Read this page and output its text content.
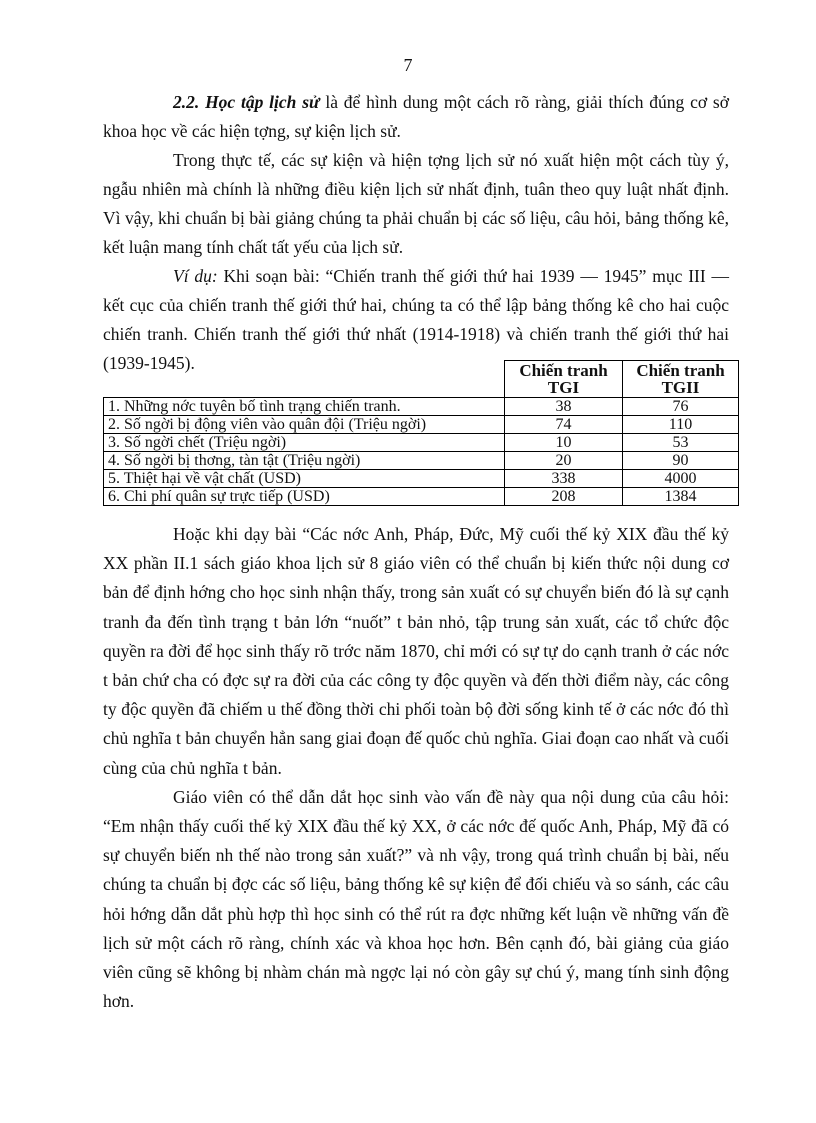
7

2.2. Học tập lịch sử là để hình dung một cách rõ ràng, giải thích đúng cơ sở khoa học về các hiện tợng, sự kiện lịch sử.

Trong thực tế, các sự kiện và hiện tợng lịch sử nó xuất hiện một cách tùy ý, ngẫu nhiên mà chính là những điều kiện lịch sử nhất định, tuân theo quy luật nhất định. Vì vậy, khi chuẩn bị bài giảng chúng ta phải chuẩn bị các số liệu, câu hỏi, bảng thống kê, kết luận mang tính chất tất yếu của lịch sử.

Ví dụ: Khi soạn bài: “Chiến tranh thế giới thứ hai 1939 — 1945” mục III — kết cục của chiến tranh thế giới thứ hai, chúng ta có thể lập bảng thống kê cho hai cuộc chiến tranh. Chiến tranh thế giới thứ nhất (1914-1918) và chiến tranh thế giới thứ hai (1939-1945).

		Chiến tranh TGI	Chiến tranh TGII
1. Những nớc tuyên bố tình trạng chiến tranh.	38	76
2. Số ngời bị động viên vào quân đội (Triệu ngời)	74	110
3. Số ngời chết (Triệu ngời)	10	53
4. Số ngời bị thơng, tàn tật (Triệu ngời)	20	90
5. Thiệt hại về vật chất (USD)	338	4000
6. Chi phí quân sự trực tiếp (USD)	208	1384

Hoặc khi dạy bài “Các nớc Anh, Pháp, Đức, Mỹ cuối thế kỷ XIX đầu thế kỷ XX phần II.1 sách giáo khoa lịch sử 8 giáo viên có thể chuẩn bị kiến thức nội dung cơ bản để định hớng cho học sinh nhận thấy, trong sản xuất có sự chuyển biến đó là sự cạnh tranh đa đến tình trạng t bản lớn “nuốt” t bản nhỏ, tập trung sản xuất, các tổ chức độc quyền ra đời để học sinh thấy rõ trớc năm 1870, chỉ mới có sự tự do cạnh tranh ở các nớc t bản chứ cha có đợc sự ra đời của các công ty độc quyền và đến thời điểm này, các công ty độc quyền đã chiếm u thế đồng thời chi phối toàn bộ đời sống kinh tế ở các nớc đó thì chủ nghĩa t bản chuyển hẳn sang giai đoạn đế quốc chủ nghĩa. Giai đoạn cao nhất và cuối cùng của chủ nghĩa t bản.

Giáo viên có thể dẫn dắt học sinh vào vấn đề này qua nội dung của câu hỏi: “Em nhận thấy cuối thế kỷ XIX đầu thế kỷ XX, ở các nớc đế quốc Anh, Pháp, Mỹ đã có sự chuyển biến nh thế nào trong sản xuất?” và nh vậy, trong quá trình chuẩn bị bài, nếu chúng ta chuẩn bị đợc các số liệu, bảng thống kê sự kiện để đối chiếu và so sánh, các câu hỏi hớng dẫn dắt phù hợp thì học sinh có thể rút ra đợc những kết luận về những vấn đề lịch sử một cách rõ ràng, chính xác và khoa học hơn. Bên cạnh đó, bài giảng của giáo viên cũng sẽ không bị nhàm chán mà ngợc lại nó còn gây sự chú ý, mang tính sinh động hơn.
